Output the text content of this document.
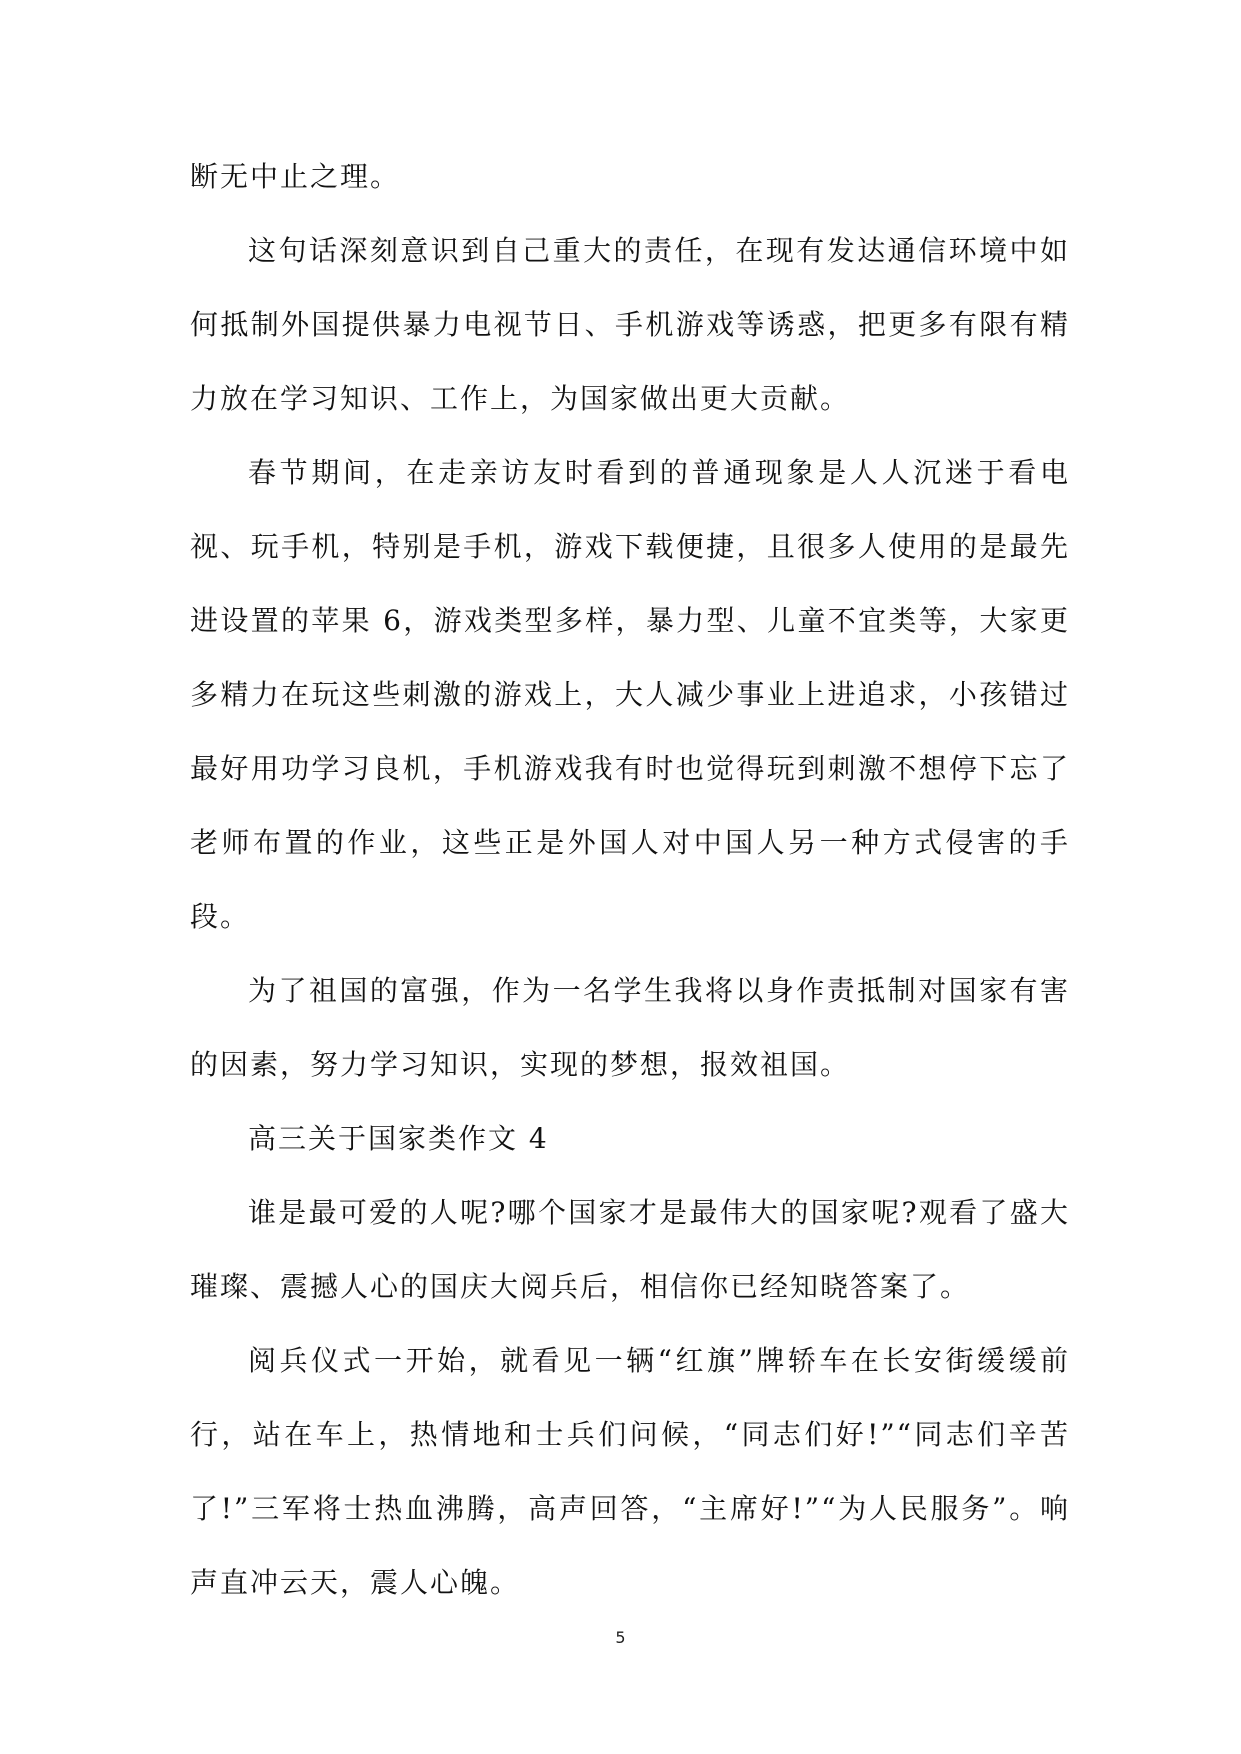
断无中止之理。

这句话深刻意识到自己重大的责任，在现有发达通信环境中如何抵制外国提供暴力电视节日、手机游戏等诱惑，把更多有限有精力放在学习知识、工作上，为国家做出更大贡献。

春节期间，在走亲访友时看到的普通现象是人人沉迷于看电视、玩手机，特别是手机，游戏下载便捷，且很多人使用的是最先进设置的苹果 6，游戏类型多样，暴力型、儿童不宜类等，大家更多精力在玩这些刺激的游戏上，大人减少事业上进追求，小孩错过最好用功学习良机，手机游戏我有时也觉得玩到刺激不想停下忘了老师布置的作业，这些正是外国人对中国人另一种方式侵害的手段。

为了祖国的富强，作为一名学生我将以身作责抵制对国家有害的因素，努力学习知识，实现的梦想，报效祖国。

高三关于国家类作文 4

谁是最可爱的人呢?哪个国家才是最伟大的国家呢?观看了盛大璀璨、震撼人心的国庆大阅兵后，相信你已经知晓答案了。

阅兵仪式一开始，就看见一辆“红旗”牌轿车在长安街缓缓前行，站在车上，热情地和士兵们问候，“同志们好!”“同志们辛苦了!”三军将士热血沸腾，高声回答，“主席好!”“为人民服务”。响声直冲云天，震人心魄。

5
